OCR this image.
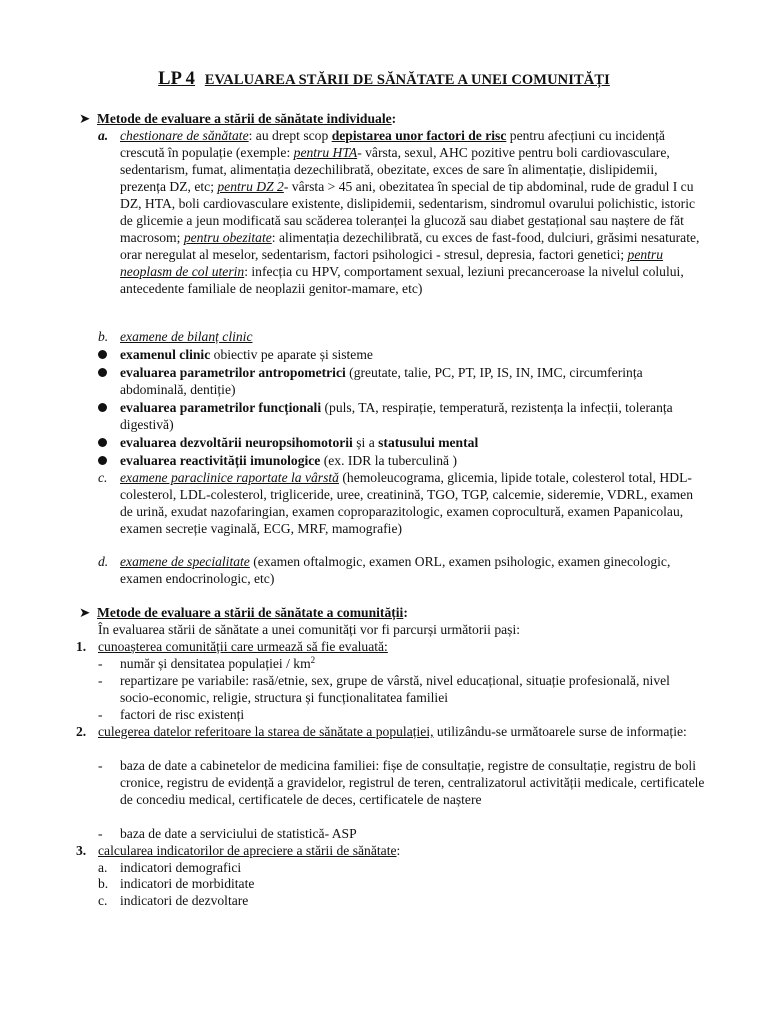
LP 4 EVALUAREA STĂRII DE SĂNĂTATE A UNEI COMUNITĂȚI
➤ Metode de evaluare a stării de sănătate individuale:
a. chestionare de sănătate: au drept scop depistarea unor factori de risc pentru afecțiuni cu incidență crescută în populație (exemple: pentru HTA- vârsta, sexul, AHC pozitive pentru boli cardiovasculare, sedentarism, fumat, alimentația dezechilibrată, obezitate, exces de sare în alimentație, dislipidemii, prezența DZ, etc; pentru DZ 2- vârsta > 45 ani, obezitatea în special de tip abdominal, rude de gradul I cu DZ, HTA, boli cardiovasculare existente, dislipidemii, sedentarism, sindromul ovarului polichistic, istoric de glicemie a jeun modificată sau scăderea toleranței la glucoză sau diabet gestațional sau naștere de făt macrosom; pentru obezitate: alimentația dezechilibrată, cu exces de fast-food, dulciuri, grăsimi nesaturate, orar neregulat al meselor, sedentarism, factori psihologici - stresul, depresia, factori genetici; pentru neoplasm de col uterin: infecția cu HPV, comportament sexual, leziuni precanceroase la nivelul colului, antecedente familiale de neoplazii genitor-mamare, etc)
b. examene de bilanț clinic
examenul clinic obiectiv pe aparate și sisteme
evaluarea parametrilor antropometrici (greutate, talie, PC, PT, IP, IS, IN, IMC, circumferința abdominală, dentiție)
evaluarea parametrilor funcționali (puls, TA, respirație, temperatură, rezistența la infecții, toleranța digestivă)
evaluarea dezvoltării neuropsihomotorii și a statusului mental
evaluarea reactivității imunologice (ex. IDR la tuberculină )
c. examene paraclinice raportate la vârstă (hemoleucograma, glicemia, lipide totale, colesterol total, HDL-colesterol, LDL-colesterol, trigliceride, uree, creatinină, TGO, TGP, calcemie, sideremie, VDRL, examen de urină, exudat nazofaringian, examen coproparazitologic, examen coprocultură, examen Papanicolau, examen secreție vaginală, ECG, MRF, mamografie)
d. examene de specialitate (examen oftalmogic, examen ORL, examen psihologic, examen ginecologic, examen endocrinologic, etc)
➤ Metode de evaluare a stării de sănătate a comunității:
În evaluarea stării de sănătate a unei comunități vor fi parcurși următorii pași:
1. cunoașterea comunității care urmează să fie evaluată:
-	număr și densitatea populației / $km^2$
-	repartizare pe variabile: rasă/etnie, sex, grupe de vârstă, nivel educațional, situație profesională, nivel socio-economic, religie, structura și funcționalitatea familiei
-	factori de risc existenți
2. culegerea datelor referitoare la starea de sănătate a populației, utilizându-se următoarele surse de informație:
-	baza de date a cabinetelor de medicina familiei: fișe de consultație, registre de consultație, registru de boli cronice, registru de evidență a gravidelor, registrul de teren, centralizatorul activității medicale, certificatele de concediu medical, certificatele de deces, certificatele de naștere
-	baza de date a serviciului de statistică- ASP
3. calcularea indicatorilor de apreciere a stării de sănătate:
a. indicatori demografici
b. indicatori de morbiditate
c. indicatori de dezvoltare
